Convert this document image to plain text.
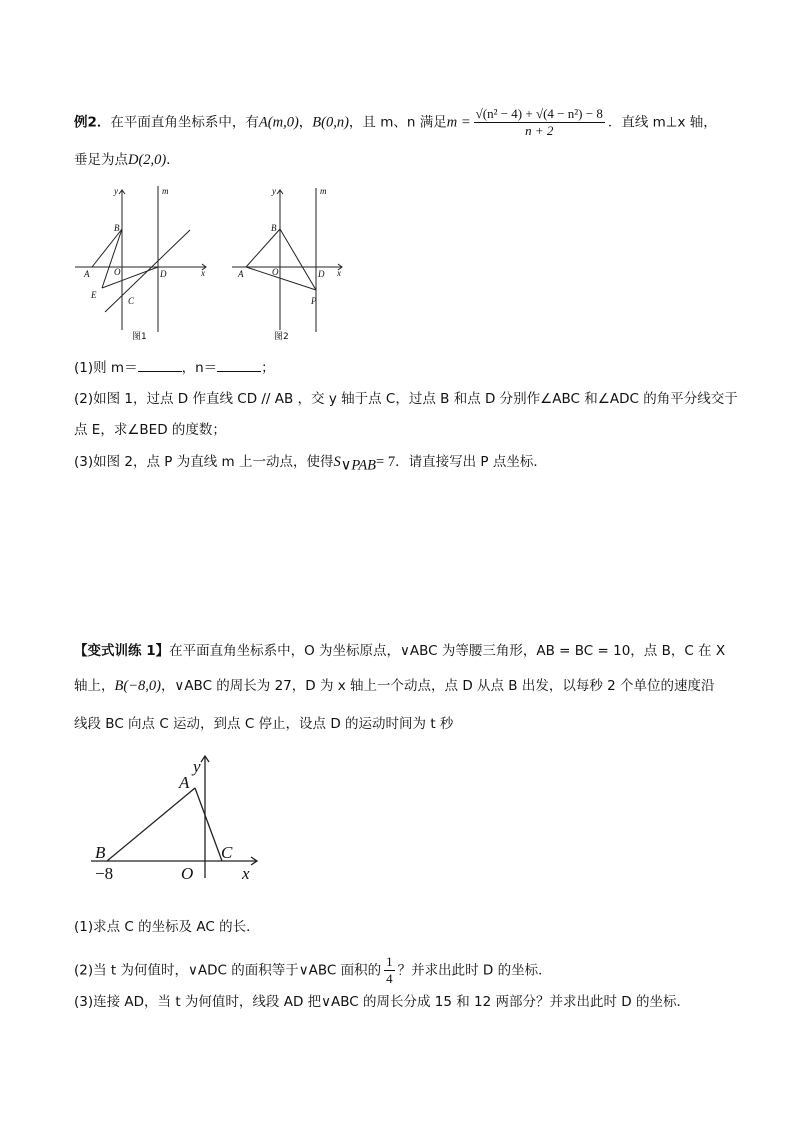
例2．在平面直角坐标系中，有A(m,0)，B(0,n)，且 m、n 满足$m = \frac{\text{√(n² − 4) + √(4 − n²) − 8}}{n + 2}$ ．直线 m⊥x 轴，
垂足为点D(2,0)．
y	m
B
A	O	D	x
E
C
图1
y	m
B
A	O	D x
P
图2
(1)则 m＝	，n＝	；
(2)如图 1，过点 D 作直线 CD // AB ，交 y 轴于点 C，过点 B 和点 D 分别作∠ABC 和∠ADC 的角平分线交于
点 E，求∠BED 的度数；
(3)如图 2，点 P 为直线 m 上一动点，使得$S_{\vee PAB}= 7$．请直接写出 P 点坐标．
【变式训练 1】在平面直角坐标系中，O 为坐标原点，∨ABC 为等腰三角形，AB = BC = 10，点 B，C 在 X
轴上，B(−8,0)，∨ABC 的周长为 27，D 为 x 轴上一个动点，点 D 从点 B 出发，以每秒 2 个单位的速度沿
线段 BC 向点 C 运动，到点 C 停止，设点 D 的运动时间为 t 秒
y
A
B	C
O	x
−8
(1)求点 C 的坐标及 AC 的长．
(2)当 t 为何值时，∨ADC 的面积等于∨ABC 面积的 $\frac{1}{4}$ ？并求出此时 D 的坐标．
(3)连接 AD，当 t 为何值时，线段 AD 把∨ABC 的周长分成 15 和 12 两部分？并求出此时 D 的坐标．
